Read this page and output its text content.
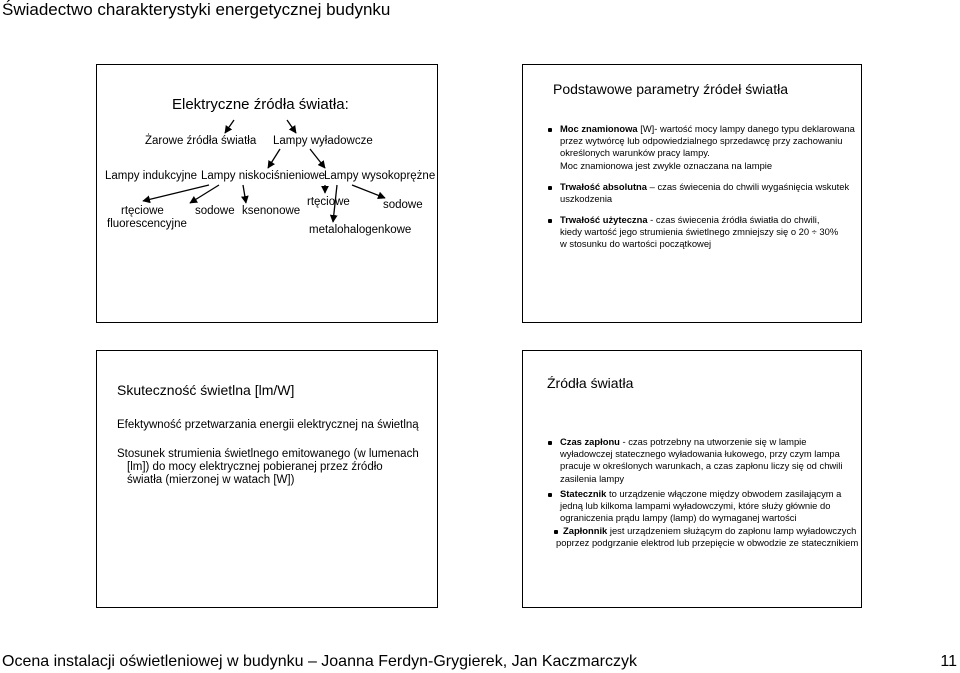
Świadectwo charakterystyki energetycznej budynku
Ocena instalacji oświetleniowej w budynku – Joanna Ferdyn-Grygierek, Jan Kaczmarczyk	11
Elektryczne źródła światła:
Żarowe źródła światła Lampy wyładowcze
Lampy indukcyjne Lampy niskociśnieniowe
Lampy wysokoprężne
rtęciowe
fluorescencyjne
sodowe ksenonowe
rtęciowe	sodowe
metalohalogenkowe
Podstawowe parametry źródeł światła
Moc znamionowa [W]- wartość mocy lampy danego typu deklarowana
przez wytwórcę lub odpowiedzialnego sprzedawcę przy zachowaniu
określonych warunków pracy lampy.
Moc znamionowa jest zwykle oznaczana na lampie
Trwałość absolutna – czas świecenia do chwili wygaśnięcia wskutek
uszkodzenia
Trwałość użyteczna - czas świecenia źródła światła do chwili,
kiedy wartość jego strumienia świetlnego zmniejszy się o 20 ÷ 30%
w stosunku do wartości początkowej
Skuteczność świetlna [lm/W]
Efektywność przetwarzania energii elektrycznej na świetlną
Stosunek strumienia świetlnego emitowanego (w lumenach
[lm]) do mocy elektrycznej pobieranej przez źródło
światła (mierzonej w watach [W])
Źródła światła
Czas zapłonu - czas potrzebny na utworzenie się w lampie
wyładowczej statecznego wyładowania łukowego, przy czym lampa
pracuje w określonych warunkach, a czas zapłonu liczy się od chwili
zasilenia lampy
Statecznik to urządzenie włączone między obwodem zasilającym a
jedną lub kilkoma lampami wyładowczymi, które służy głównie do
ograniczenia prądu lampy (lamp) do wymaganej wartości
Zapłonnik jest urządzeniem służącym do zapłonu lamp wyładowczych
poprzez podgrzanie elektrod lub przepięcie w obwodzie ze statecznikiem
